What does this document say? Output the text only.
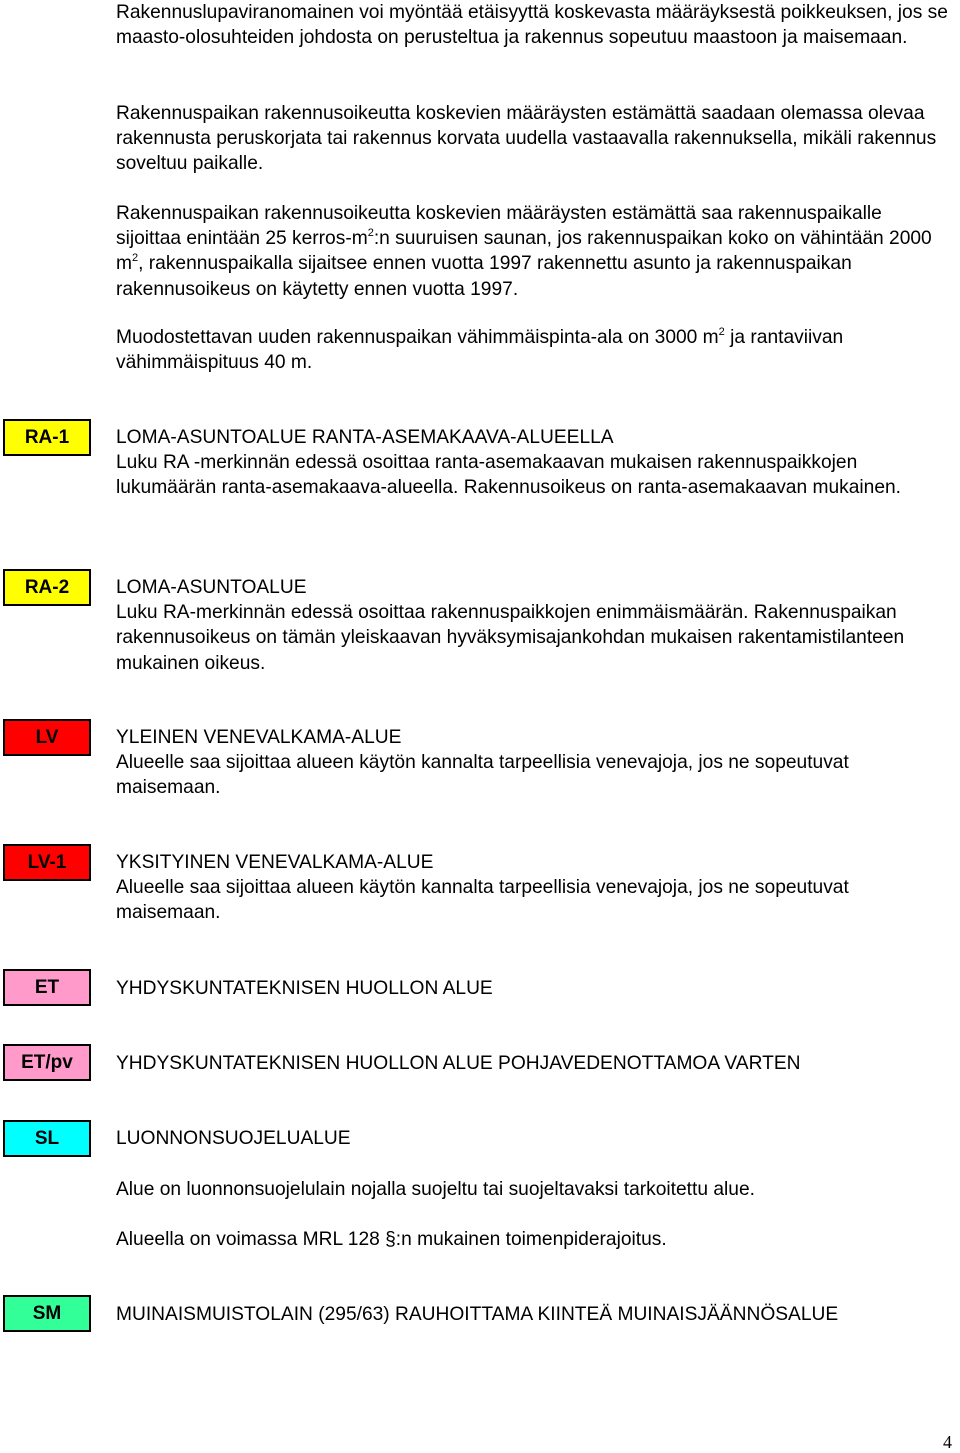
Rakennuslupaviranomainen voi myöntää etäisyyttä koskevasta määräyksestä poikkeuksen, jos se maasto-olosuhteiden johdosta on perusteltua ja rakennus sopeutuu maastoon ja maisemaan.

Rakennuspaikan rakennusoikeutta koskevien määräysten estämättä saadaan olemassa olevaa rakennusta peruskorjata tai rakennus korvata uudella vastaavalla rakennuksella, mikäli rakennus soveltuu paikalle.

Rakennuspaikan rakennusoikeutta koskevien määräysten estämättä saa rakennuspaikalle sijoittaa enintään 25 kerros-$m^2:n$ suuruisen saunan, jos rakennuspaikan koko on vähintään 2000 $m^2$, rakennuspaikalla sijaitsee ennen vuotta 1997 rakennettu asunto ja rakennuspaikan rakennusoikeus on käytetty ennen vuotta 1997.

Muodostettavan uuden rakennuspaikan vähimmäispinta-ala on 3000 $m^2$ ja rantaviivan vähimmäispituus 40 m.

RA-1 LOMA-ASUNTOALUE RANTA-ASEMAKAAVA-ALUEELLA

Luku RA -merkinnän edessä osoittaa ranta-asemakaavan mukaisen rakennuspaikkojen lukumäärän ranta-asemakaava-alueella. Rakennusoikeus on ranta-asemakaavan mukainen.

RA-2 LOMA-ASUNTOALUE

Luku RA-merkinnän edessä osoittaa rakennuspaikkojen enimmäismäärän. Rakennuspaikan rakennusoikeus on tämän yleiskaavan hyväksymisajankohdan mukaisen rakentamistilanteen mukainen oikeus.

LV	YLEINEN VENEVALKAMA-ALUE

Alueelle saa sijoittaa alueen käytön kannalta tarpeellisia venevajoja, jos ne sopeutuvat maisemaan.

LV-1	YKSITYINEN VENEVALKAMA-ALUE

Alueelle saa sijoittaa alueen käytön kannalta tarpeellisia venevajoja, jos ne sopeutuvat maisemaan.

ET	YHDYSKUNTATEKNISEN HUOLLON ALUE

ET/pv YHDYSKUNTATEKNISEN HUOLLON ALUE POHJAVEDENOTTAMOA VARTEN

SL	LUONNONSUOJELUALUE

Alue on luonnonsuojelulain nojalla suojeltu tai suojeltavaksi tarkoitettu alue.

Alueella on voimassa MRL 128 §:n mukainen toimenpiderajoitus.

SM	MUINAISMUISTOLAIN (295/63) RAUHOITTAMA KIINTEÄ MUINAISJÄÄNNÖSALUE

4
